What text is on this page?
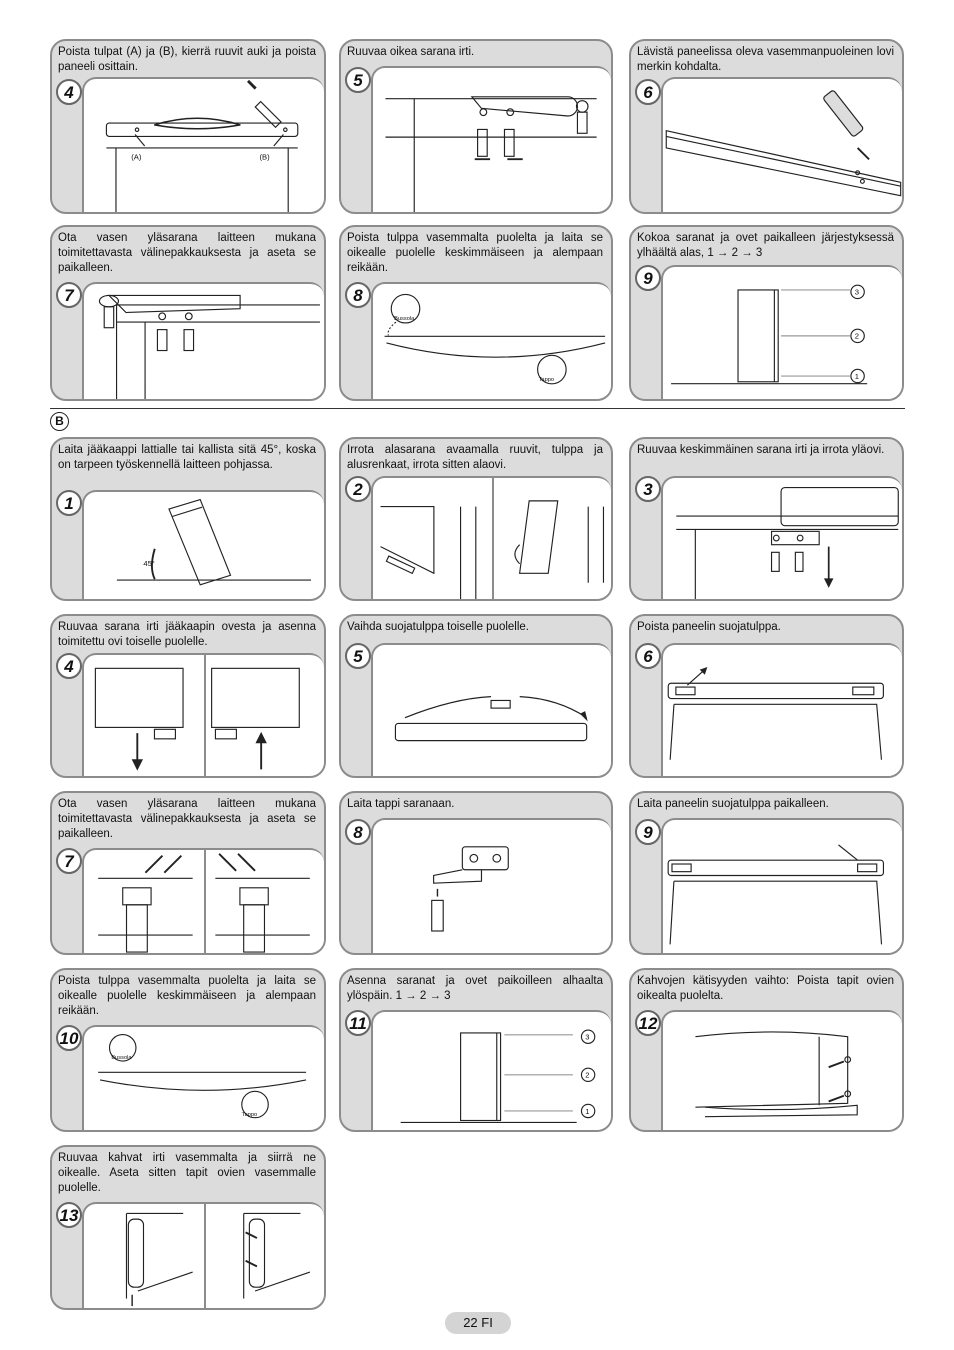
Poista tulpat (A) ja (B), kierrä ruuvit auki ja poista paneeli osittain.
(A)	(B)
4
Ruuvaa oikea sarana irti.
5
Lävistä paneelissa oleva vasemmanpuoleinen lovi merkin kohdalta.
6
Ota vasen yläsarana laitteen mukana toimitettavasta välinepakkauksesta ja aseta se paikalleen.
7
Poista tulppa vasemmalta puolelta ja laita se oikealle puolelle keskimmäiseen ja alempaan reikään.
Bussola
Tappo
8
Kokoa saranat ja ovet paikalleen järjestyksessä ylhäältä alas, 1 → 2 → 3
3
2
1
9
B
Laita jääkaappi lattialle tai kallista sitä 45°, koska on tarpeen työskennellä laitteen pohjassa.
45°
1
Irrota alasarana avaamalla ruuvit, tulppa ja alusrenkaat, irrota sitten alaovi.
2
Ruuvaa keskimmäinen sarana irti ja irrota yläovi.
3
Ruuvaa sarana irti jääkaapin ovesta ja asenna toimitettu ovi toiselle puolelle.
4
Vaihda suojatulppa toiselle puolelle.
5
Poista paneelin suojatulppa.
6
Ota vasen yläsarana laitteen mukana toimitettavasta välinepakkauksesta ja aseta se paikalleen.
7
Laita tappi saranaan.
8
Laita paneelin suojatulppa paikalleen.
9
Poista tulppa vasemmalta puolelta ja laita se oikealle puolelle keskimmäiseen ja alempaan reikään.
Bussola
Tappo
10
Asenna saranat ja ovet paikoilleen alhaalta ylöspäin. 1 → 2 → 3
3
2
1
11
Kahvojen kätisyyden vaihto: Poista tapit ovien oikealta puolelta.
12
Ruuvaa kahvat irti vasemmalta ja siirrä ne oikealle. Aseta sitten tapit ovien vasemmalle puolelle.
13
22 FI
